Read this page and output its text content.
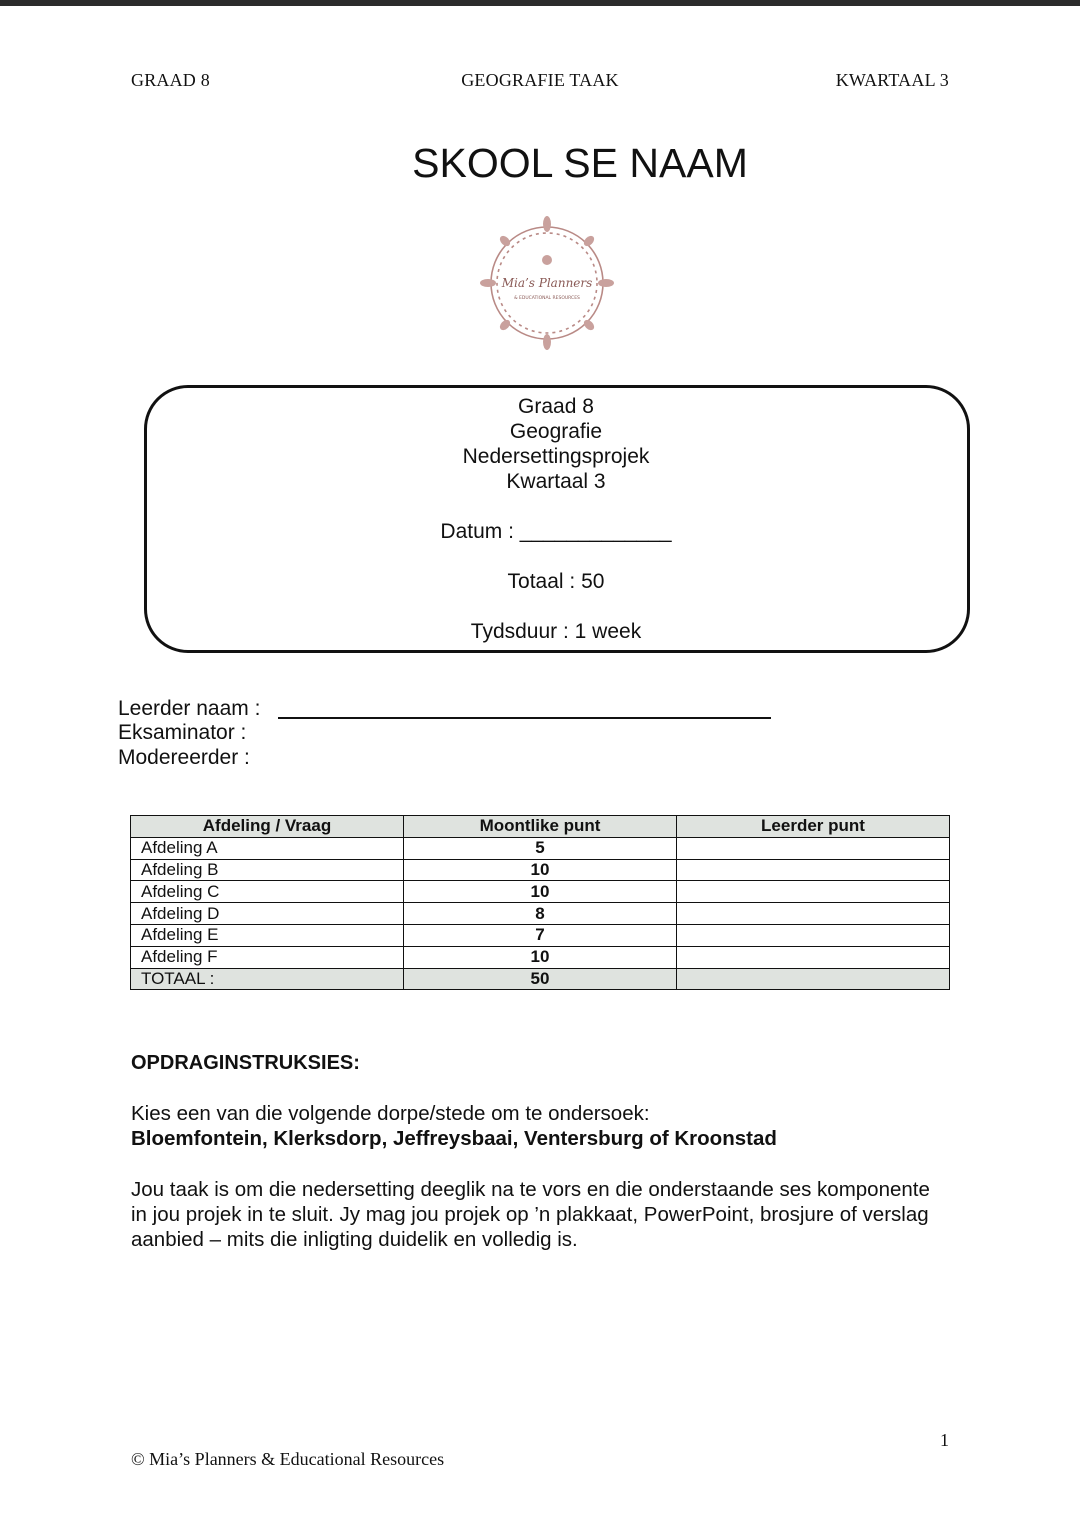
GRAAD 8	GEOGRAFIE TAAK	KWARTAAL 3
SKOOL SE NAAM
Mia’s Planners
& EDUCATIONAL RESOURCES
Graad 8
Geografie
Nedersettingsprojek
Kwartaal 3
Datum : _____________
Totaal : 50
Tydsduur : 1 week
Leerder naam :
Eksaminator :
Modereerder :
Afdeling / Vraag	Moontlike punt	Leerder punt
Afdeling A	5	
Afdeling B	10	
Afdeling C	10	
Afdeling D	8	
Afdeling E	7	
Afdeling F	10	
TOTAAL :	50	
OPDRAGINSTRUKSIES:
Kies een van die volgende dorpe/stede om te ondersoek:
Bloemfontein, Klerksdorp, Jeffreysbaai, Ventersburg of Kroonstad
Jou taak is om die nedersetting deeglik na te vors en die onderstaande ses komponente in jou projek in te sluit. Jy mag jou projek op ’n plakkaat, PowerPoint, brosjure of verslag aanbied – mits die inligting duidelik en volledig is.
1
© Mia’s Planners & Educational Resources
